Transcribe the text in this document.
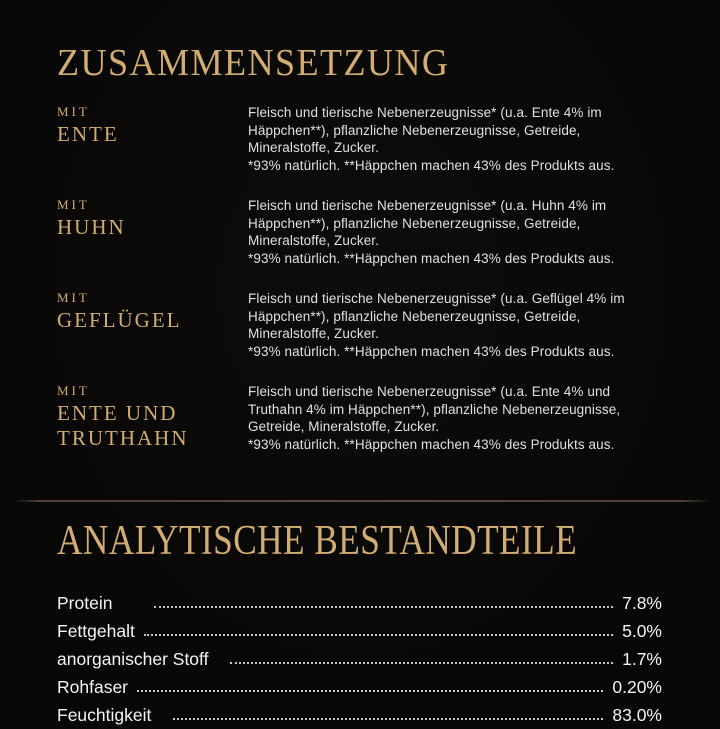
ZUSAMMENSETZUNG
MIT
ENTE

Fleisch und tierische Nebenerzeugnisse* (u.a. Ente 4% im Häppchen**), pflanzliche Nebenerzeugnisse, Getreide, Mineralstoffe, Zucker.

*93% natürlich. **Häppchen machen 43% des Produkts aus.

MIT
HUHN

Fleisch und tierische Nebenerzeugnisse* (u.a. Huhn 4% im Häppchen**), pflanzliche Nebenerzeugnisse, Getreide, Mineralstoffe, Zucker.

*93% natürlich. **Häppchen machen 43% des Produkts aus.

MIT
GEFLÜGEL

Fleisch und tierische Nebenerzeugnisse* (u.a. Geflügel 4% im Häppchen**), pflanzliche Nebenerzeugnisse, Getreide, Mineralstoffe, Zucker.

*93% natürlich. **Häppchen machen 43% des Produkts aus.

MIT
ENTE UND TRUTHAHN

Fleisch und tierische Nebenerzeugnisse* (u.a. Ente 4% und Truthahn 4% im Häppchen**), pflanzliche Nebenerzeugnisse, Getreide, Mineralstoffe, Zucker.

*93% natürlich. **Häppchen machen 43% des Produkts aus.

ANALYTISCHE BESTANDTEILE
Protein	7.8%
Fettgehalt	5.0%
anorganischer Stoff	1.7%
Rohfaser	0.20%
Feuchtigkeit	83.0%
